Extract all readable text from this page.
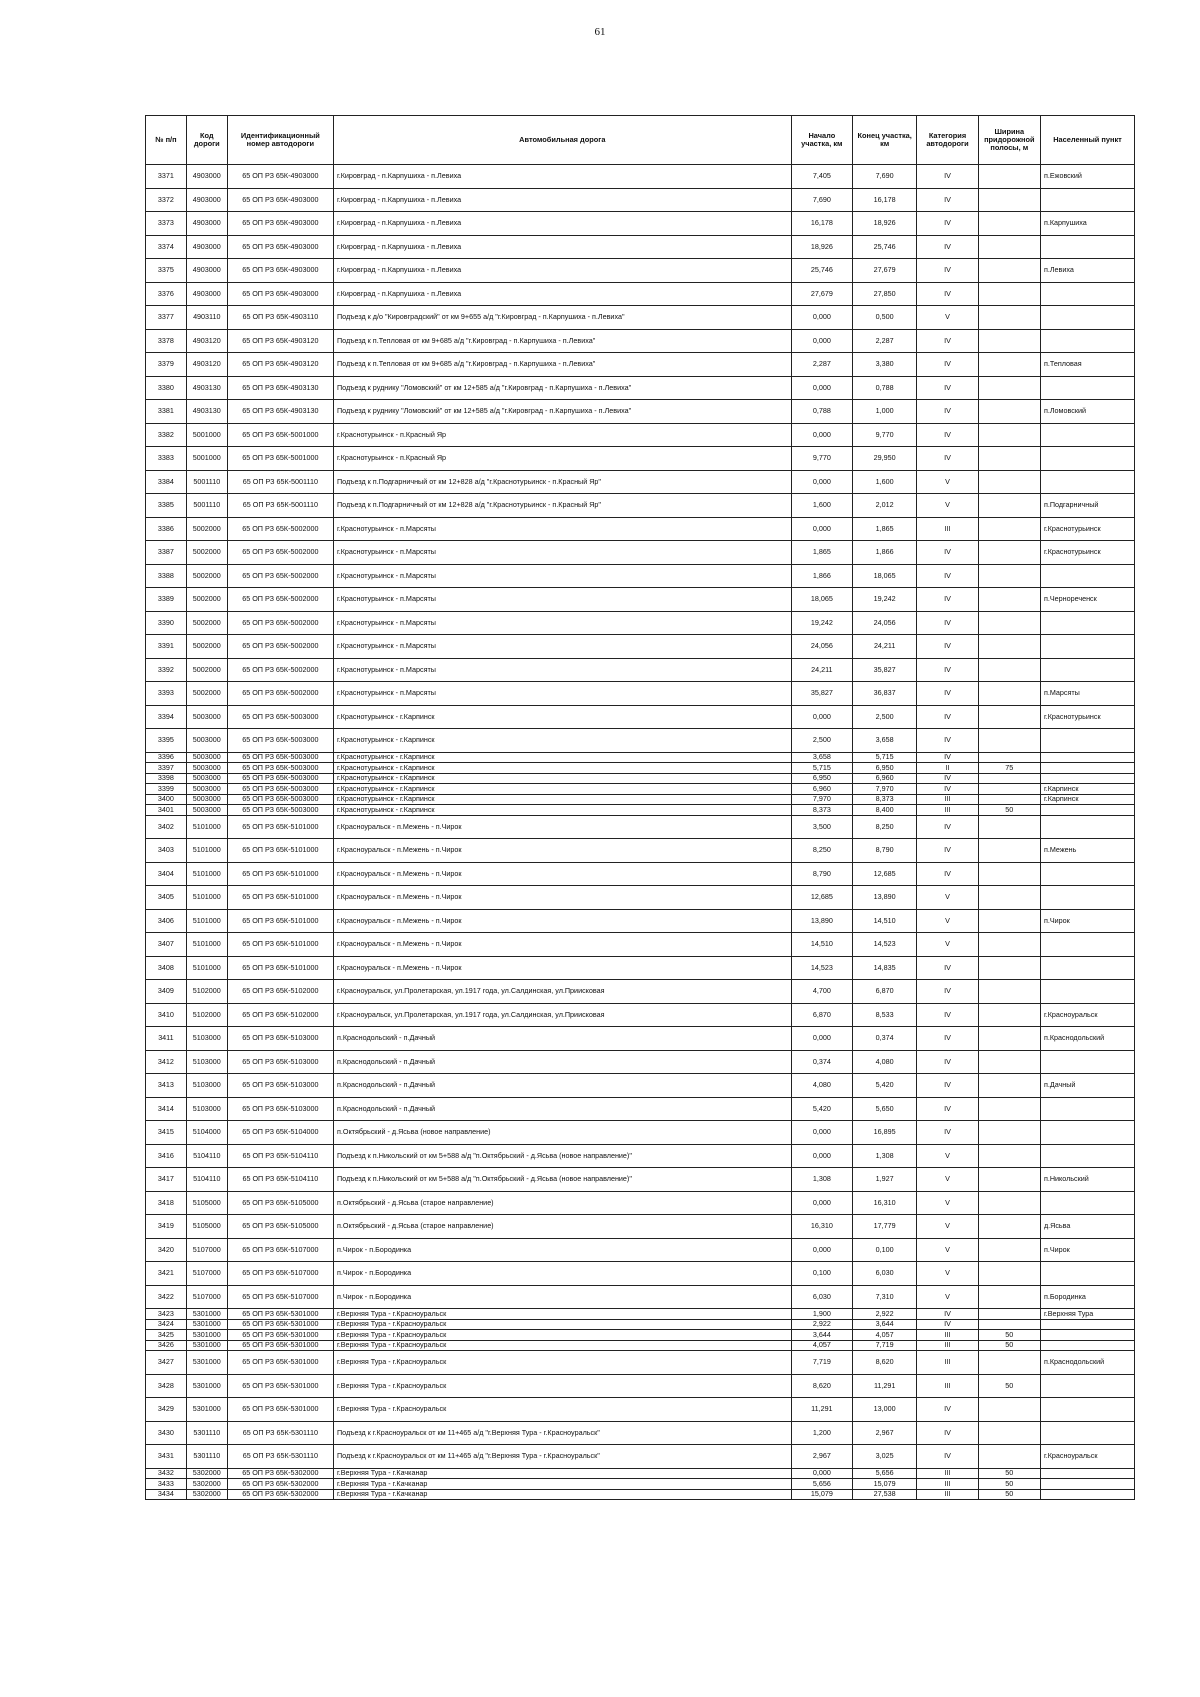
61
№ п/п	Код дороги	Идентификационный номер автодороги	Автомобильная дорога	Начало участка, км	Конец участка, км	Категория автодороги	Ширина придорожной полосы, м	Населенный пункт
3371	4903000	65 ОП РЗ 65К-4903000	г.Кировград - п.Карпушиха - п.Левиха	7,405	7,690	IV		п.Ежовский
3372	4903000	65 ОП РЗ 65К-4903000	г.Кировград - п.Карпушиха - п.Левиха	7,690	16,178	IV		
3373	4903000	65 ОП РЗ 65К-4903000	г.Кировград - п.Карпушиха - п.Левиха	16,178	18,926	IV		п.Карпушиха
3374	4903000	65 ОП РЗ 65К-4903000	г.Кировград - п.Карпушиха - п.Левиха	18,926	25,746	IV		
3375	4903000	65 ОП РЗ 65К-4903000	г.Кировград - п.Карпушиха - п.Левиха	25,746	27,679	IV		п.Левиха
3376	4903000	65 ОП РЗ 65К-4903000	г.Кировград - п.Карпушиха - п.Левиха	27,679	27,850	IV		
3377	4903110	65 ОП РЗ 65К-4903110	Подъезд к д/о "Кировградский" от км 9+655 а/д "г.Кировград - п.Карпушиха - п.Левиха"	0,000	0,500	V		
3378	4903120	65 ОП РЗ 65К-4903120	Подъезд к п.Тепловая от км 9+685 а/д "г.Кировград - п.Карпушиха - п.Левиха"	0,000	2,287	IV		
3379	4903120	65 ОП РЗ 65К-4903120	Подъезд к п.Тепловая от км 9+685 а/д "г.Кировград - п.Карпушиха - п.Левиха"	2,287	3,380	IV		п.Тепловая
3380	4903130	65 ОП РЗ 65К-4903130	Подъезд к руднику "Ломовский" от км 12+585 а/д "г.Кировград - п.Карпушиха - п.Левиха"	0,000	0,788	IV		
3381	4903130	65 ОП РЗ 65К-4903130	Подъезд к руднику "Ломовский" от км 12+585 а/д "г.Кировград - п.Карпушиха - п.Левиха"	0,788	1,000	IV		п.Ломовский
3382	5001000	65 ОП РЗ 65К-5001000	г.Краснотурьинск - п.Красный Яр	0,000	9,770	IV		
3383	5001000	65 ОП РЗ 65К-5001000	г.Краснотурьинск - п.Красный Яр	9,770	29,950	IV		
3384	5001110	65 ОП РЗ 65К-5001110	Подъезд к п.Подгарничный от км 12+828 а/д "г.Краснотурьинск - п.Красный Яр"	0,000	1,600	V		
3385	5001110	65 ОП РЗ 65К-5001110	Подъезд к п.Подгарничный от км 12+828 а/д "г.Краснотурьинск - п.Красный Яр"	1,600	2,012	V		п.Подгарничный
3386	5002000	65 ОП РЗ 65К-5002000	г.Краснотурьинск - п.Марсяты	0,000	1,865	III		г.Краснотурьинск
3387	5002000	65 ОП РЗ 65К-5002000	г.Краснотурьинск - п.Марсяты	1,865	1,866	IV		г.Краснотурьинск
3388	5002000	65 ОП РЗ 65К-5002000	г.Краснотурьинск - п.Марсяты	1,866	18,065	IV		
3389	5002000	65 ОП РЗ 65К-5002000	г.Краснотурьинск - п.Марсяты	18,065	19,242	IV		п.Чернореченск
3390	5002000	65 ОП РЗ 65К-5002000	г.Краснотурьинск - п.Марсяты	19,242	24,056	IV		
3391	5002000	65 ОП РЗ 65К-5002000	г.Краснотурьинск - п.Марсяты	24,056	24,211	IV		
3392	5002000	65 ОП РЗ 65К-5002000	г.Краснотурьинск - п.Марсяты	24,211	35,827	IV		
3393	5002000	65 ОП РЗ 65К-5002000	г.Краснотурьинск - п.Марсяты	35,827	36,837	IV		п.Марсяты
3394	5003000	65 ОП РЗ 65К-5003000	г.Краснотурьинск - г.Карпинск	0,000	2,500	IV		г.Краснотурьинск
3395	5003000	65 ОП РЗ 65К-5003000	г.Краснотурьинск - г.Карпинск	2,500	3,658	IV		
3396	5003000	65 ОП РЗ 65К-5003000	г.Краснотурьинск - г.Карпинск	3,658	5,715	IV		
3397	5003000	65 ОП РЗ 65К-5003000	г.Краснотурьинск - г.Карпинск	5,715	6,950	II	75	
3398	5003000	65 ОП РЗ 65К-5003000	г.Краснотурьинск - г.Карпинск	6,950	6,960	IV		
3399	5003000	65 ОП РЗ 65К-5003000	г.Краснотурьинск - г.Карпинск	6,960	7,970	IV		г.Карпинск
3400	5003000	65 ОП РЗ 65К-5003000	г.Краснотурьинск - г.Карпинск	7,970	8,373	III		г.Карпинск
3401	5003000	65 ОП РЗ 65К-5003000	г.Краснотурьинск - г.Карпинск	8,373	8,400	III	50	
3402	5101000	65 ОП РЗ 65К-5101000	г.Красноуральск - п.Межень - п.Чирок	3,500	8,250	IV		
3403	5101000	65 ОП РЗ 65К-5101000	г.Красноуральск - п.Межень - п.Чирок	8,250	8,790	IV		п.Межень
3404	5101000	65 ОП РЗ 65К-5101000	г.Красноуральск - п.Межень - п.Чирок	8,790	12,685	IV		
3405	5101000	65 ОП РЗ 65К-5101000	г.Красноуральск - п.Межень - п.Чирок	12,685	13,890	V		
3406	5101000	65 ОП РЗ 65К-5101000	г.Красноуральск - п.Межень - п.Чирок	13,890	14,510	V		п.Чирок
3407	5101000	65 ОП РЗ 65К-5101000	г.Красноуральск - п.Межень - п.Чирок	14,510	14,523	V		
3408	5101000	65 ОП РЗ 65К-5101000	г.Красноуральск - п.Межень - п.Чирок	14,523	14,835	IV		
3409	5102000	65 ОП РЗ 65К-5102000	г.Красноуральск, ул.Пролетарская, ул.1917 года, ул.Салдинская, ул.Приисковая	4,700	6,870	IV		
3410	5102000	65 ОП РЗ 65К-5102000	г.Красноуральск, ул.Пролетарская, ул.1917 года, ул.Салдинская, ул.Приисковая	6,870	8,533	IV		г.Красноуральск
3411	5103000	65 ОП РЗ 65К-5103000	п.Краснодольский - п.Дачный	0,000	0,374	IV		п.Краснодольский
3412	5103000	65 ОП РЗ 65К-5103000	п.Краснодольский - п.Дачный	0,374	4,080	IV		
3413	5103000	65 ОП РЗ 65К-5103000	п.Краснодольский - п.Дачный	4,080	5,420	IV		п.Дачный
3414	5103000	65 ОП РЗ 65К-5103000	п.Краснодольский - п.Дачный	5,420	5,650	IV		
3415	5104000	65 ОП РЗ 65К-5104000	п.Октябрьский - д.Ясьва (новое направление)	0,000	16,895	IV		
3416	5104110	65 ОП РЗ 65К-5104110	Подъезд к п.Никольский от км 5+588 а/д "п.Октябрьский - д.Ясьва (новое направление)"	0,000	1,308	V		
3417	5104110	65 ОП РЗ 65К-5104110	Подъезд к п.Никольский от км 5+588 а/д "п.Октябрьский - д.Ясьва (новое направление)"	1,308	1,927	V		п.Никольский
3418	5105000	65 ОП РЗ 65К-5105000	п.Октябрьский - д.Ясьва (старое направление)	0,000	16,310	V		
3419	5105000	65 ОП РЗ 65К-5105000	п.Октябрьский - д.Ясьва (старое направление)	16,310	17,779	V		д.Ясьва
3420	5107000	65 ОП РЗ 65К-5107000	п.Чирок - п.Бородинка	0,000	0,100	V		п.Чирок
3421	5107000	65 ОП РЗ 65К-5107000	п.Чирок - п.Бородинка	0,100	6,030	V		
3422	5107000	65 ОП РЗ 65К-5107000	п.Чирок - п.Бородинка	6,030	7,310	V		п.Бородинка
3423	5301000	65 ОП РЗ 65К-5301000	г.Верхняя Тура - г.Красноуральск	1,900	2,922	IV		г.Верхняя Тура
3424	5301000	65 ОП РЗ 65К-5301000	г.Верхняя Тура - г.Красноуральск	2,922	3,644	IV		
3425	5301000	65 ОП РЗ 65К-5301000	г.Верхняя Тура - г.Красноуральск	3,644	4,057	III	50	
3426	5301000	65 ОП РЗ 65К-5301000	г.Верхняя Тура - г.Красноуральск	4,057	7,719	III	50	
3427	5301000	65 ОП РЗ 65К-5301000	г.Верхняя Тура - г.Красноуральск	7,719	8,620	III		п.Краснодольский
3428	5301000	65 ОП РЗ 65К-5301000	г.Верхняя Тура - г.Красноуральск	8,620	11,291	III	50	
3429	5301000	65 ОП РЗ 65К-5301000	г.Верхняя Тура - г.Красноуральск	11,291	13,000	IV		
3430	5301110	65 ОП РЗ 65К-5301110	Подъезд к г.Красноуральск от км 11+465 а/д "г.Верхняя Тура - г.Красноуральск"	1,200	2,967	IV		
3431	5301110	65 ОП РЗ 65К-5301110	Подъезд к г.Красноуральск от км 11+465 а/д "г.Верхняя Тура - г.Красноуральск"	2,967	3,025	IV		г.Красноуральск
3432	5302000	65 ОП РЗ 65К-5302000	г.Верхняя Тура - г.Качканар	0,000	5,656	III	50	
3433	5302000	65 ОП РЗ 65К-5302000	г.Верхняя Тура - г.Качканар	5,656	15,079	III	50	
3434	5302000	65 ОП РЗ 65К-5302000	г.Верхняя Тура - г.Качканар	15,079	27,538	III	50	
